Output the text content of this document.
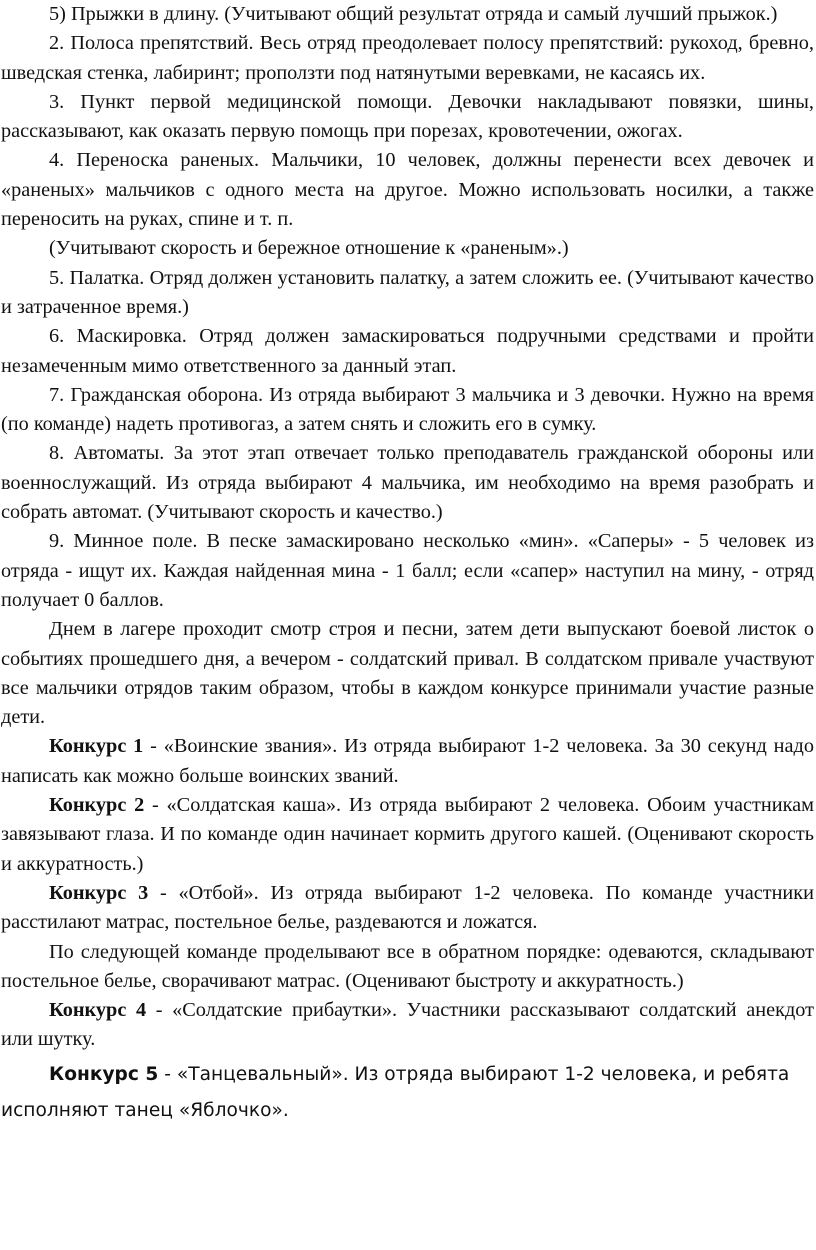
5) Прыжки в длину. (Учитывают общий результат отряда и самый лучший прыжок.)

2. Полоса препятствий. Весь отряд преодолевает полосу препятствий: рукоход, бревно, шведская стенка, лабиринт; проползти под натянутыми веревками, не касаясь их.

3. Пункт первой медицинской помощи. Девочки накладывают повязки, шины, рассказывают, как оказать первую помощь при порезах, кровотечении, ожогах.

4. Переноска раненых. Мальчики, 10 человек, должны перенести всех девочек и «раненых» мальчиков с одного места на другое. Можно использовать носилки, а также переносить на руках, спине и т. п.

(Учитывают скорость и бережное отношение к «раненым».)

5. Палатка. Отряд должен установить палатку, а затем сложить ее. (Учитывают качество и затраченное время.)

6. Маскировка. Отряд должен замаскироваться подручными средствами и пройти незамеченным мимо ответственного за данный этап.

7. Гражданская оборона. Из отряда выбирают 3 мальчика и 3 девочки. Нужно на время (по команде) надеть противогаз, а затем снять и сложить его в сумку.

8. Автоматы. За этот этап отвечает только преподаватель гражданской обороны или военнослужащий. Из отряда выбирают 4 мальчика, им необходимо на время разобрать и собрать автомат. (Учитывают скорость и качество.)

9. Минное поле. В песке замаскировано несколько «мин». «Саперы» - 5 человек из отряда - ищут их. Каждая найденная мина - 1 балл; если «сапер» наступил на мину, - отряд получает 0 баллов.

Днем в лагере проходит смотр строя и песни, затем дети выпускают боевой листок о событиях прошедшего дня, а вечером - солдатский привал. В солдатском привале участвуют все мальчики отрядов таким образом, чтобы в каждом конкурсе принимали участие разные дети.

Конкурс 1 - «Воинские звания». Из отряда выбирают 1-2 человека. За 30 секунд надо написать как можно больше воинских званий.

Конкурс 2 - «Солдатская каша». Из отряда выбирают 2 человека. Обоим участникам завязывают глаза. И по команде один начинает кормить другого кашей. (Оценивают скорость и аккуратность.)

Конкурс 3 - «Отбой». Из отряда выбирают 1-2 человека. По команде участники расстилают матрас, постельное белье, раздеваются и ложатся.

По следующей команде проделывают все в обратном порядке: одеваются, складывают постельное белье, сворачивают матрас. (Оценивают быстроту и аккуратность.)

Конкурс 4 - «Солдатские прибаутки». Участники рассказывают солдатский анекдот или шутку.

Конкурс 5 - «Танцевальный». Из отряда выбирают 1-2 человека, и ребята исполняют танец «Яблочко».
